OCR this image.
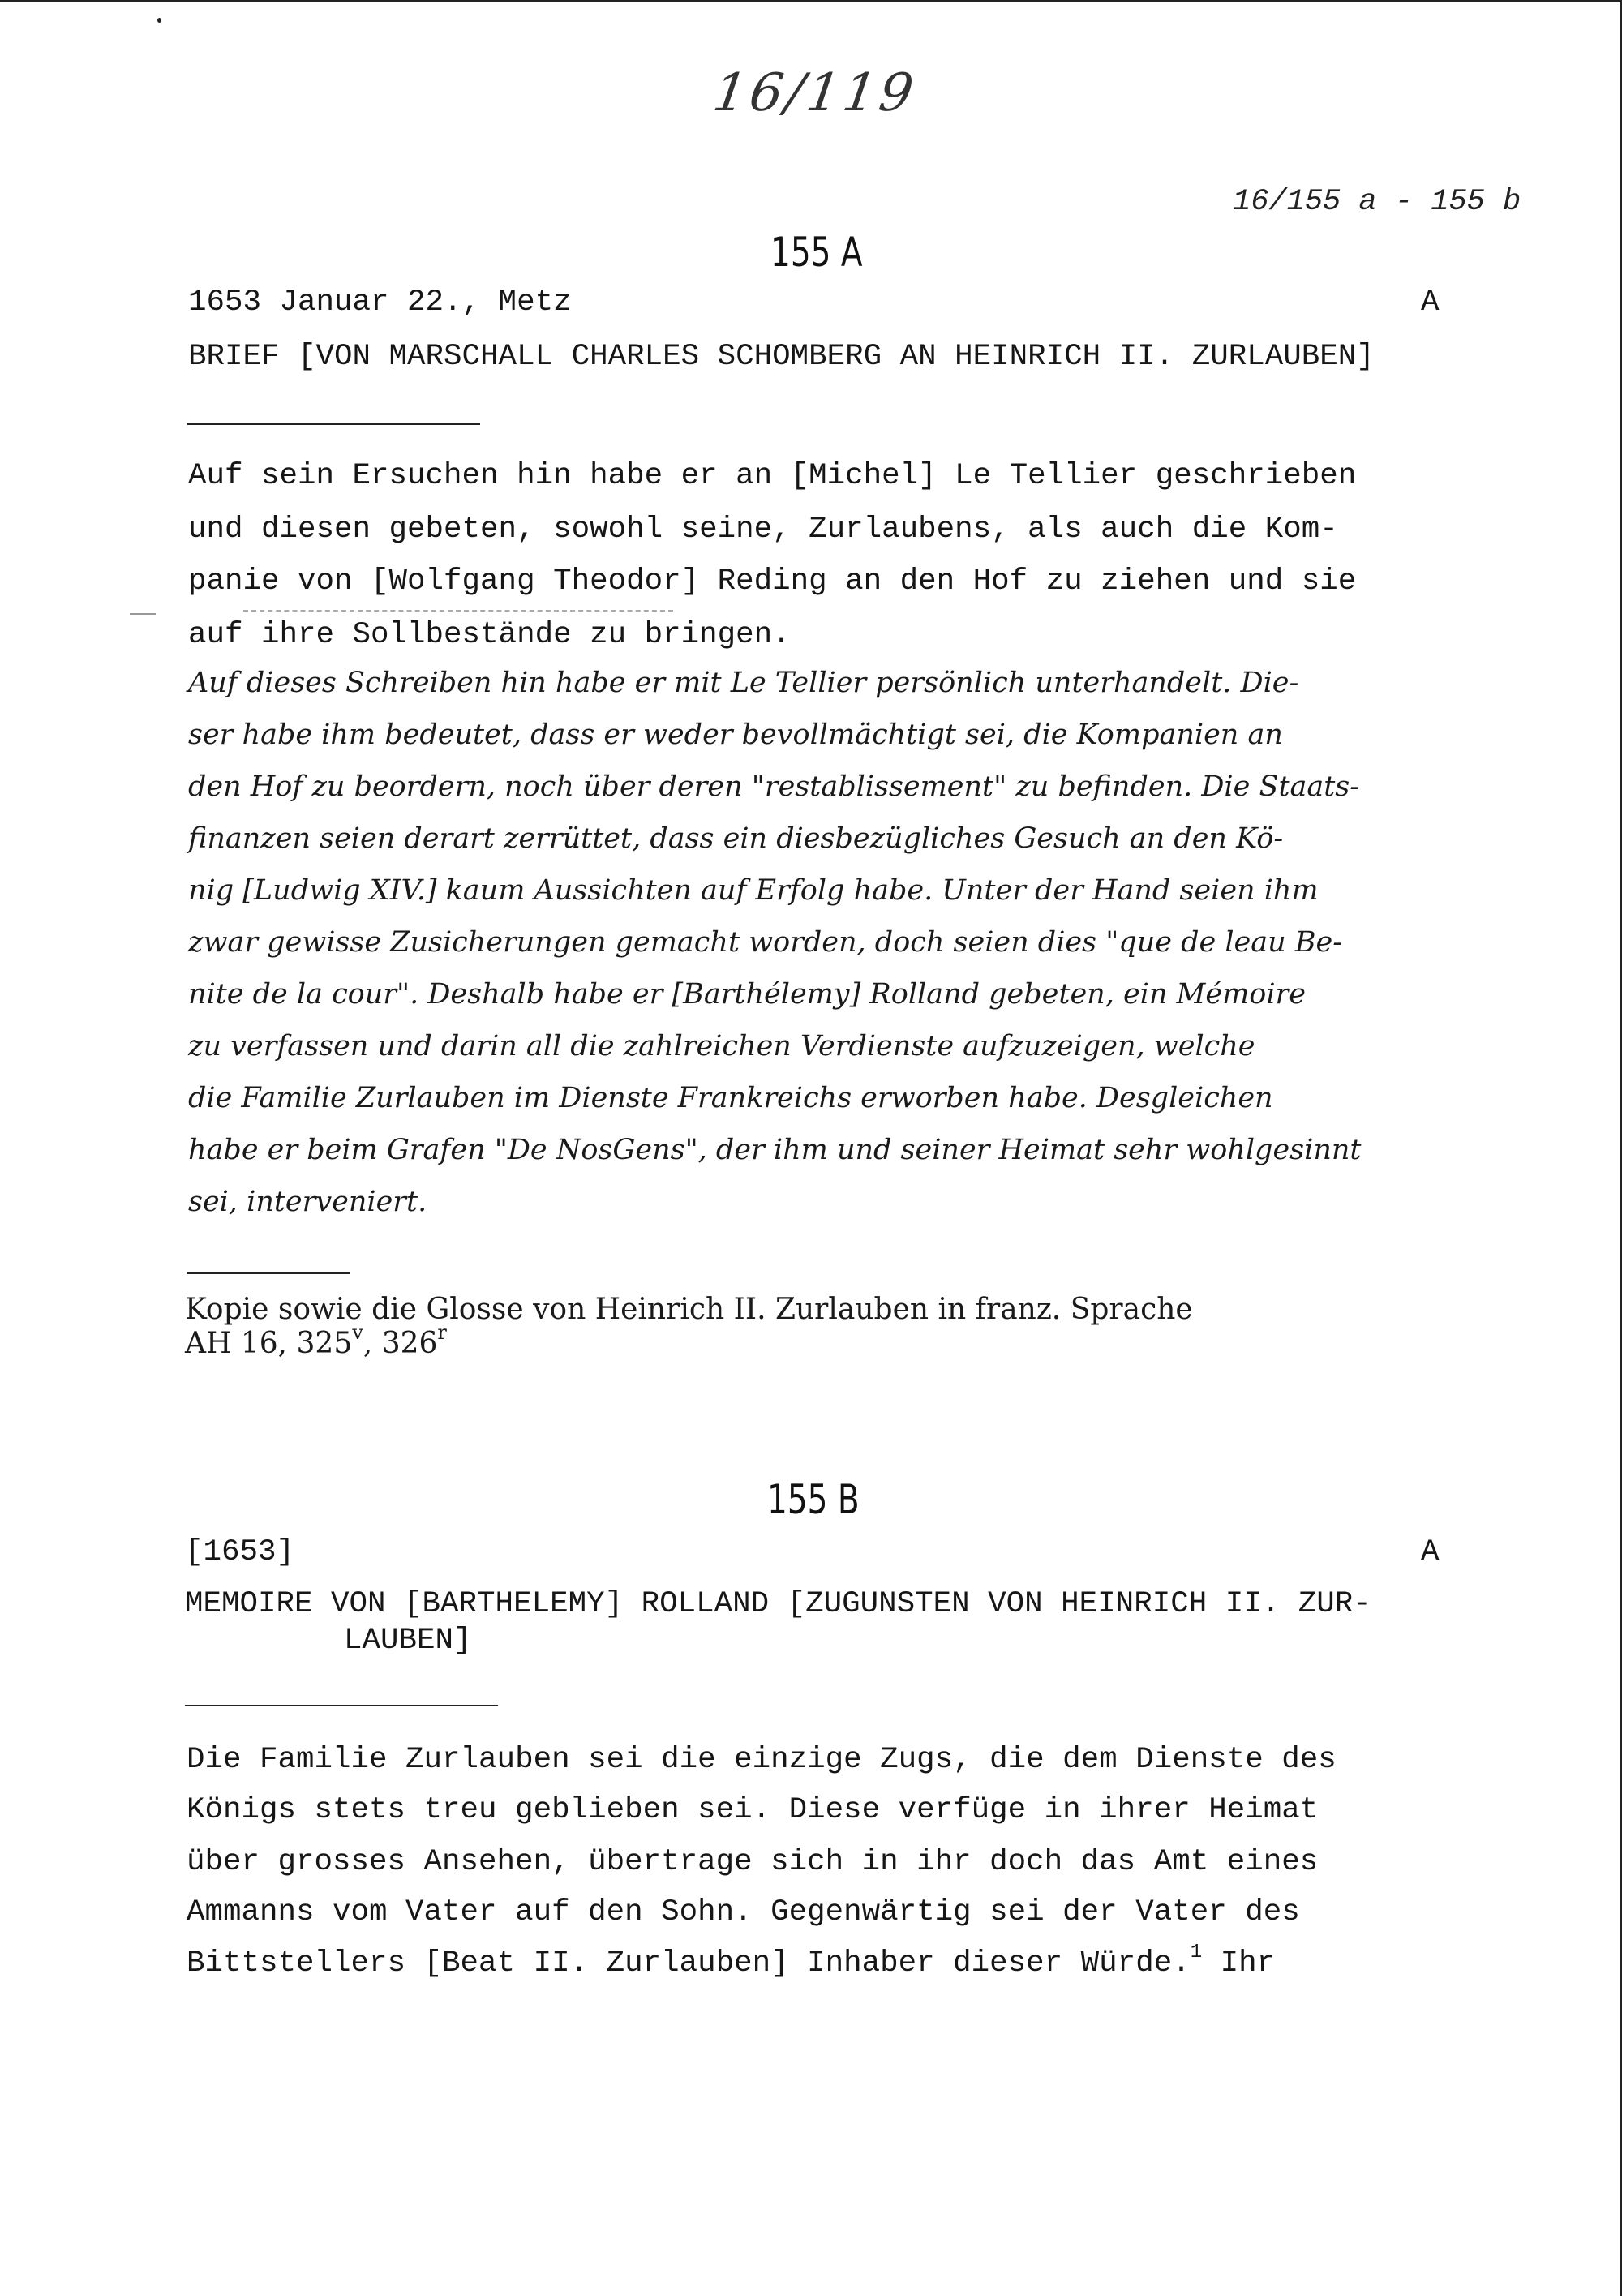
16/119
16/155 a - 155 b
155 A
1653 Januar 22., Metz	A
BRIEF [VON MARSCHALL CHARLES SCHOMBERG AN HEINRICH II. ZURLAUBEN]
Auf sein Ersuchen hin habe er an [Michel] Le Tellier geschrieben
und diesen gebeten, sowohl seine, Zurlaubens, als auch die Kom-
panie von [Wolfgang Theodor] Reding an den Hof zu ziehen und sie
auf ihre Sollbestände zu bringen.
Auf dieses Schreiben hin habe er mit Le Tellier persönlich unterhandelt. Die-
ser habe ihm bedeutet, dass er weder bevollmächtigt sei, die Kompanien an
den Hof zu beordern, noch über deren "restablissement" zu befinden. Die Staats-
finanzen seien derart zerrüttet, dass ein diesbezügliches Gesuch an den Kö-
nig [Ludwig XIV.] kaum Aussichten auf Erfolg habe. Unter der Hand seien ihm
zwar gewisse Zusicherungen gemacht worden, doch seien dies "que de leau Be-
nite de la cour". Deshalb habe er [Barthélemy] Rolland gebeten, ein Mémoire
zu verfassen und darin all die zahlreichen Verdienste aufzuzeigen, welche
die Familie Zurlauben im Dienste Frankreichs erworben habe. Desgleichen
habe er beim Grafen "De NosGens", der ihm und seiner Heimat sehr wohlgesinnt
sei, interveniert.
Kopie sowie die Glosse von Heinrich II. Zurlauben in franz. Sprache
AH 16, 325$^v$, 326$^r$
155 B
[1653]	A
MEMOIRE VON [BARTHELEMY] ROLLAND [ZUGUNSTEN VON HEINRICH II. ZUR-
LAUBEN]
Die Familie Zurlauben sei die einzige Zugs, die dem Dienste des
Königs stets treu geblieben sei. Diese verfüge in ihrer Heimat
über grosses Ansehen, übertrage sich in ihr doch das Amt eines
Ammanns vom Vater auf den Sohn. Gegenwärtig sei der Vater des
Bittstellers [Beat II. Zurlauben] Inhaber dieser Würde.$^1$ Ihr
